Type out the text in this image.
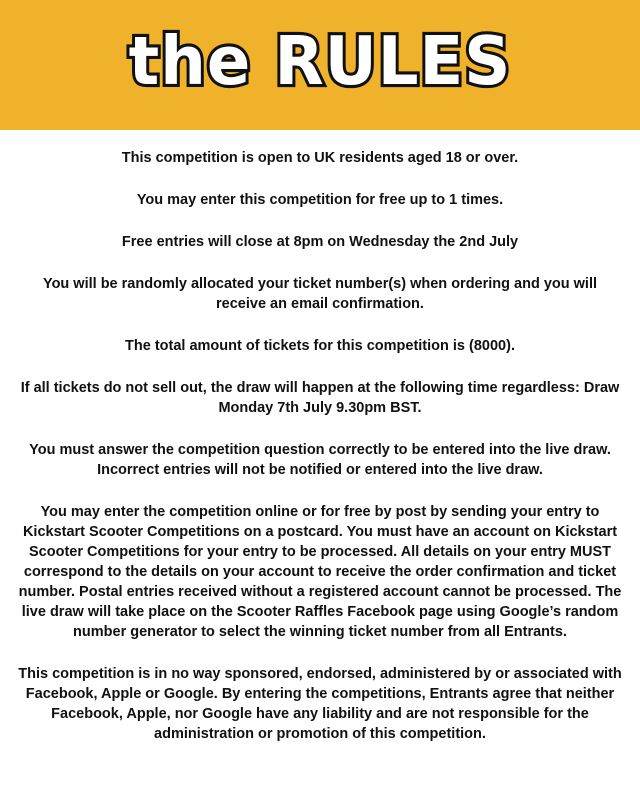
the RULES

This competition is open to UK residents aged 18 or over.

You may enter this competition for free up to 1 times.

Free entries will close at 8pm on Wednesday the 2nd July

You will be randomly allocated your ticket number(s) when ordering and you will receive an email confirmation.

The total amount of tickets for this competition is (8000).

If all tickets do not sell out, the draw will happen at the following time regardless: Draw Monday 7th July 9.30pm BST.

You must answer the competition question correctly to be entered into the live draw. Incorrect entries will not be notified or entered into the live draw.

You may enter the competition online or for free by post by sending your entry to Kickstart Scooter Competitions on a postcard. You must have an account on Kickstart Scooter Competitions for your entry to be processed. All details on your entry MUST correspond to the details on your account to receive the order confirmation and ticket number. Postal entries received without a registered account cannot be processed. The live draw will take place on the Scooter Raffles Facebook page using Google’s random number generator to select the winning ticket number from all Entrants.

This competition is in no way sponsored, endorsed, administered by or associated with Facebook, Apple or Google. By entering the competitions, Entrants agree that neither Facebook, Apple, nor Google have any liability and are not responsible for the administration or promotion of this competition.
